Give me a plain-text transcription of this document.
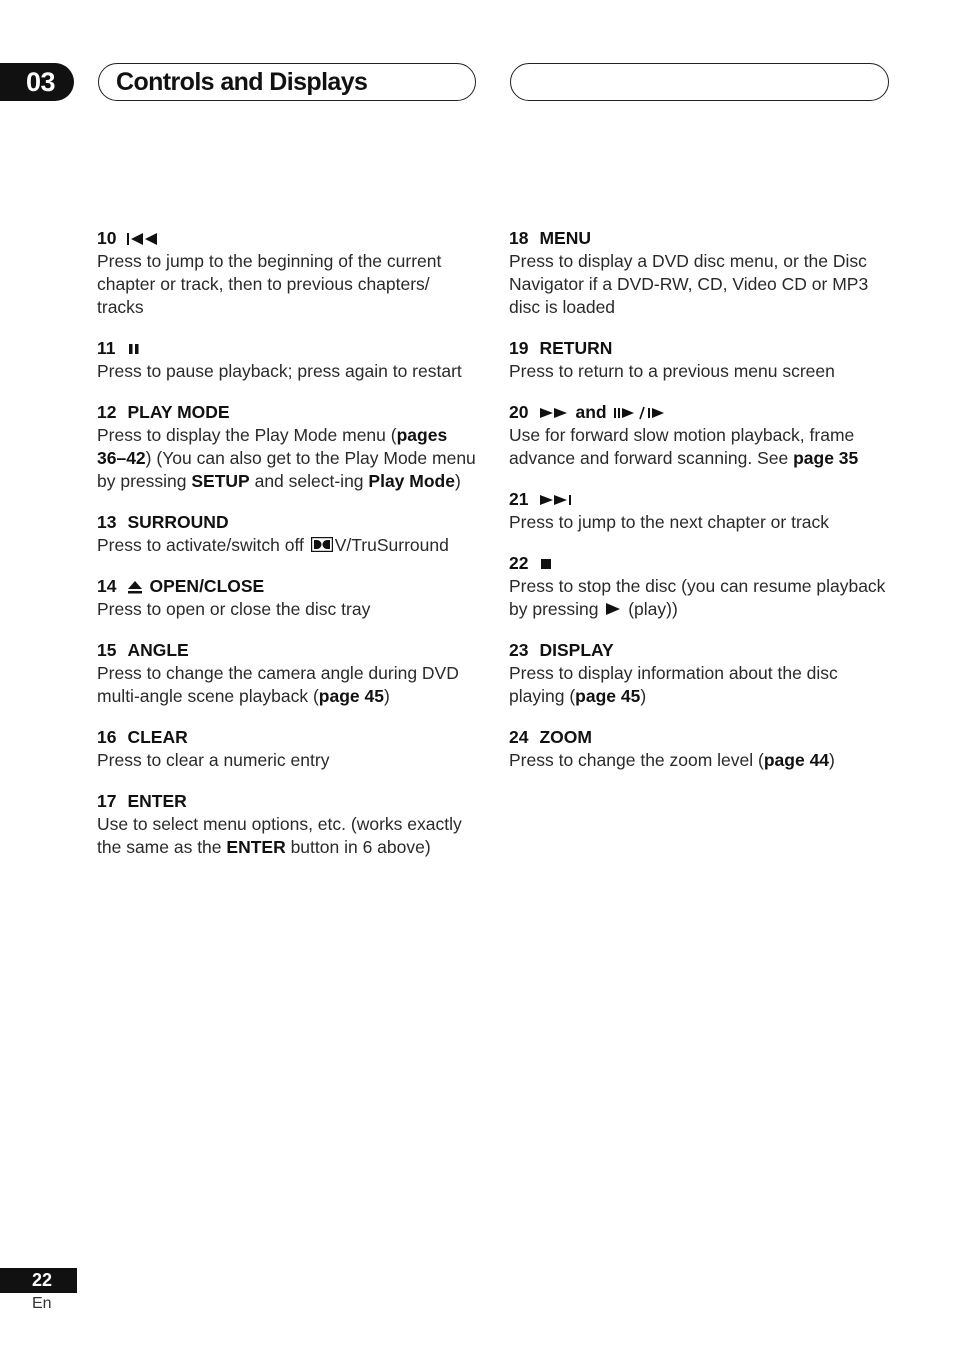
03	Controls and Displays
10
Press to jump to the beginning of the current chapter or track, then to previous chapters/ tracks
11
Press to pause playback; press again to restart
12 PLAY MODE
Press to display the Play Mode menu (pages 36–42) (You can also get to the Play Mode menu by pressing SETUP and select-ing Play Mode)
13 SURROUND
Press to activate/switch off
V/TruSurround
14 OPEN/CLOSE
Press to open or close the disc tray
15 ANGLE
Press to change the camera angle during DVD multi-angle scene playback (page 45)
16 CLEAR
Press to clear a numeric entry
17 ENTER
Use to select menu options, etc. (works exactly the same as the ENTER button in 6 above)
18 MENU
Press to display a DVD disc menu, or the Disc Navigator if a DVD-RW, CD, Video CD or MP3 disc is loaded
19 RETURN
Press to return to a previous menu screen
20	and
Use for forward slow motion playback, frame advance and forward scanning. See page 35
21
Press to jump to the next chapter or track
22
Press to stop the disc (you can resume playback by pressing
(play))
23 DISPLAY
Press to display information about the disc playing (page 45)
24 ZOOM
Press to change the zoom level (page 44)
22
En
